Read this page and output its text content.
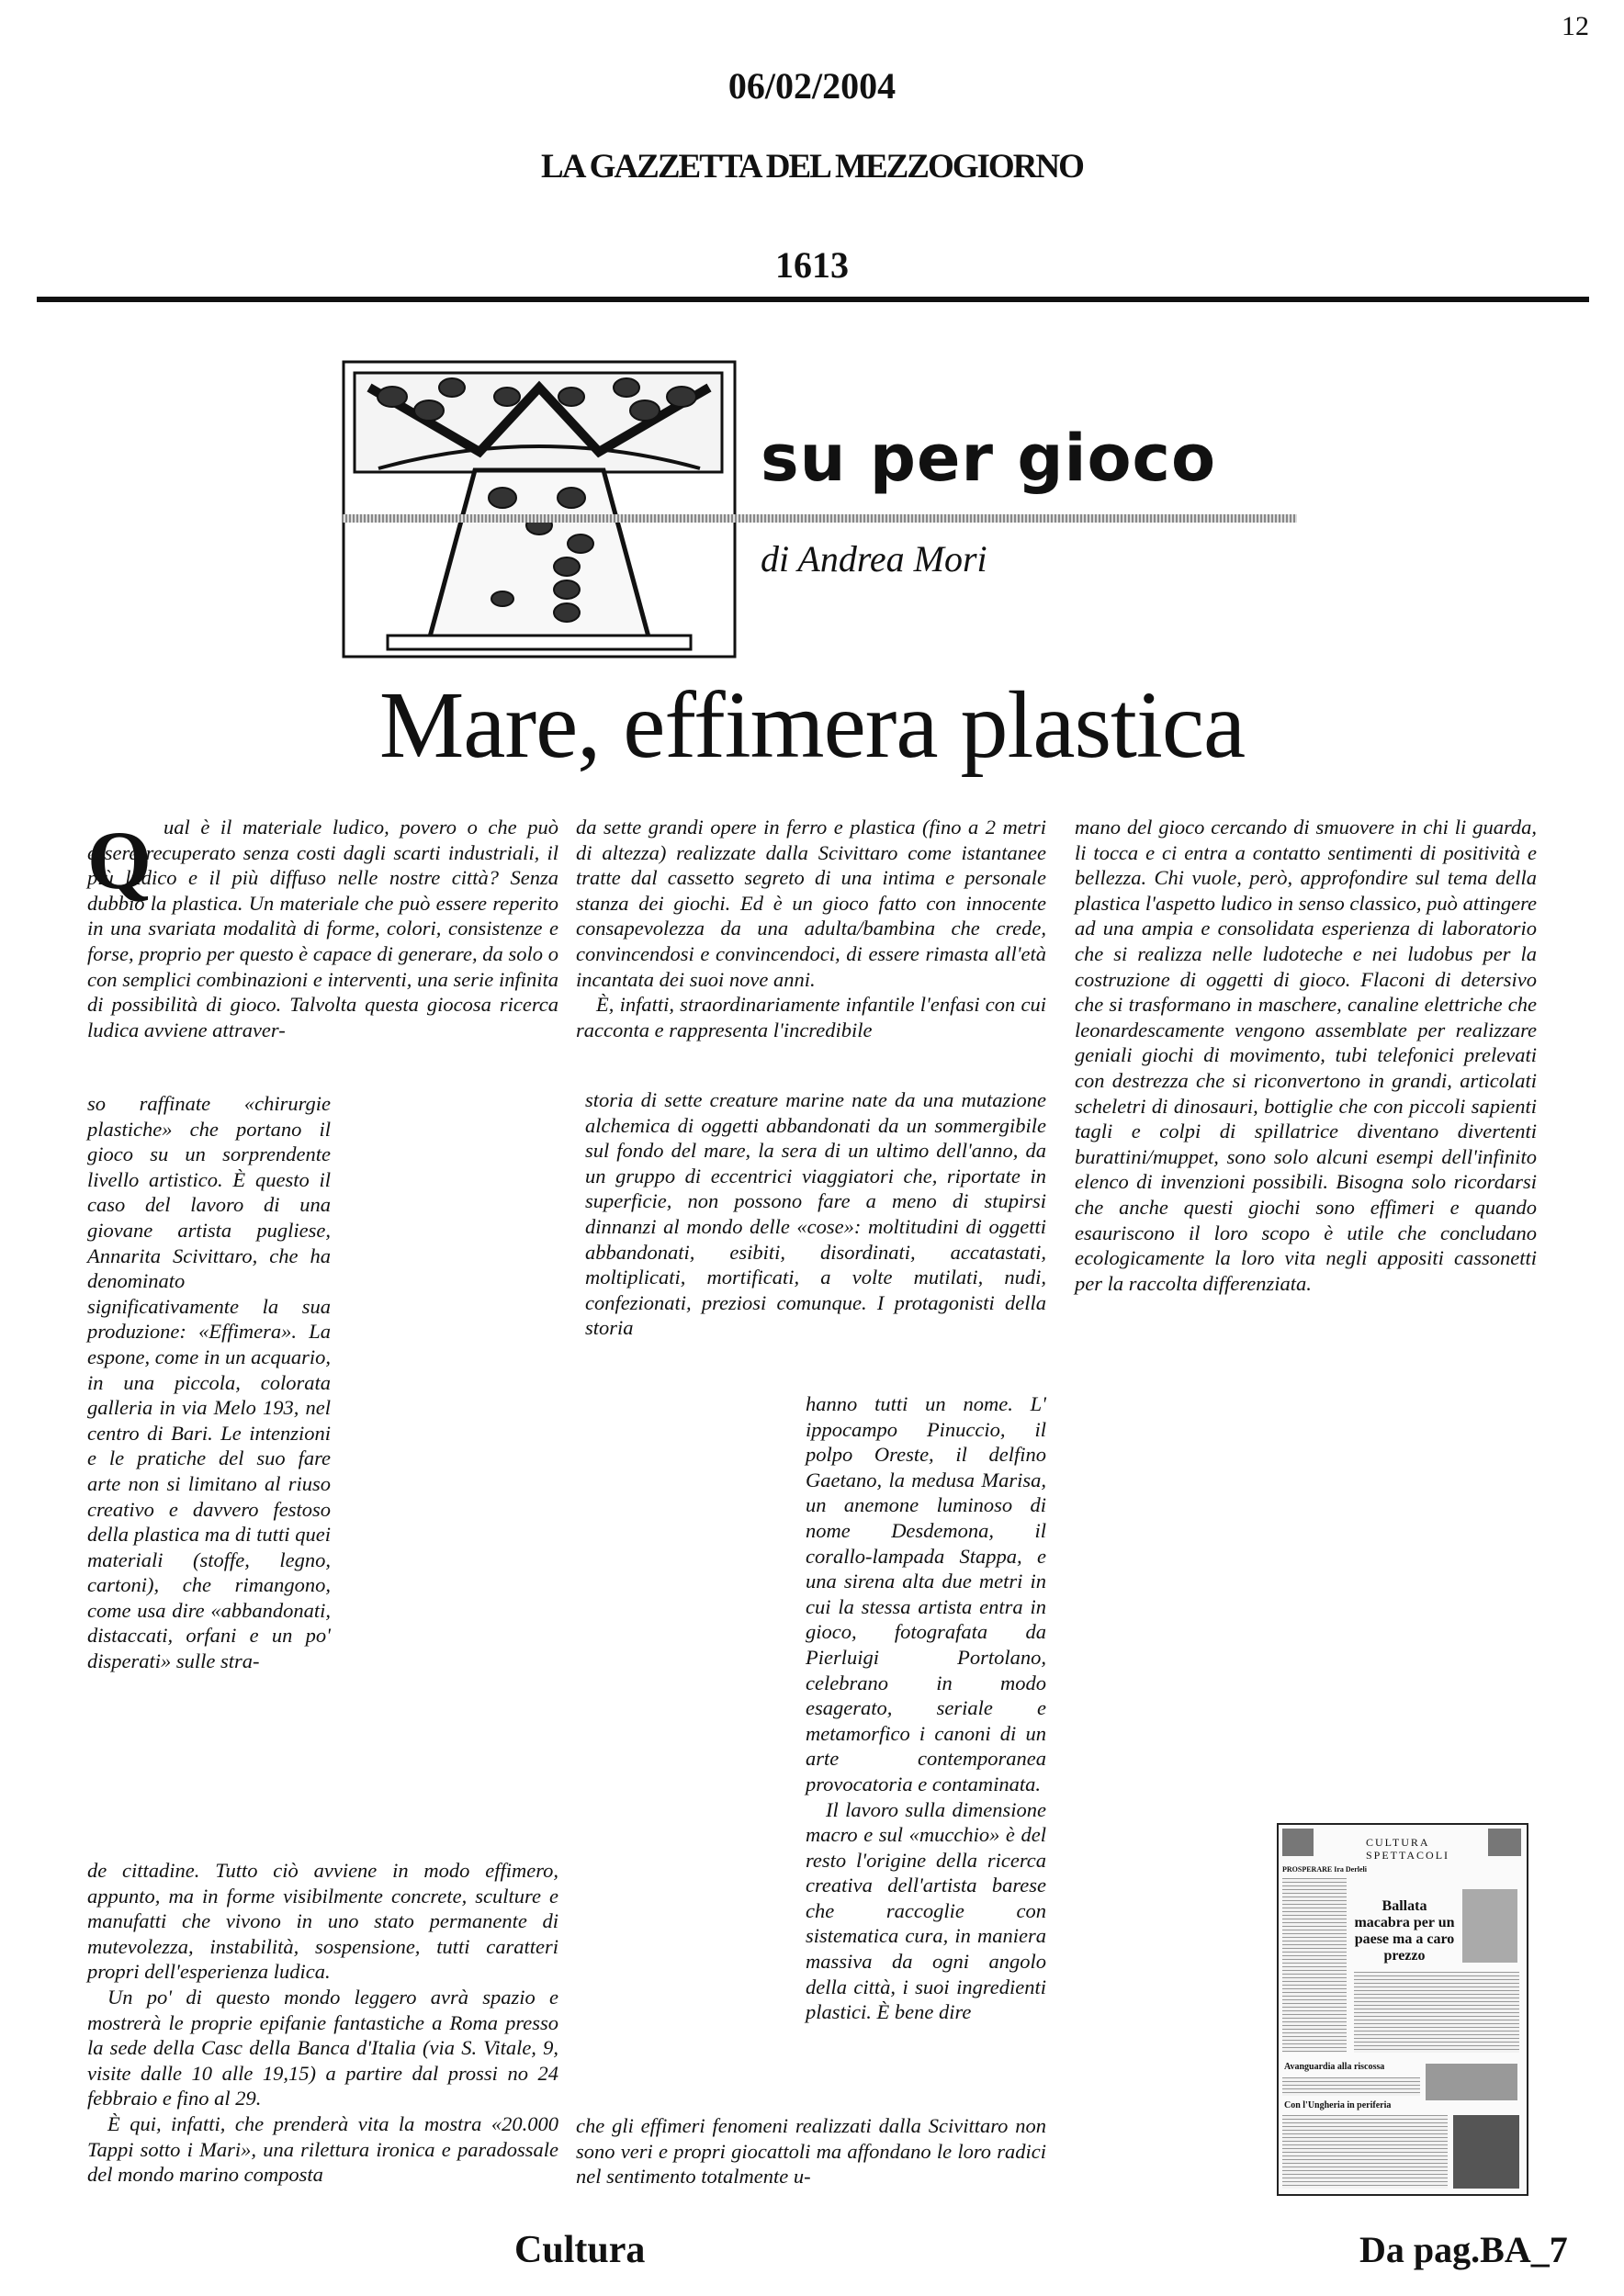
12
06/02/2004
LA GAZZETTA DEL MEZZOGIORNO
1613
su per gioco
di Andrea Mori
Mare, effimera plastica
Q ual è il materiale ludico, povero o che può essere recuperato senza costi dagli scarti industriali, il più ludico e il più diffuso nelle nostre città? Senza dubbio la plastica. Un materiale che può essere reperito in una svariata modalità di forme, colori, consistenze e forse, proprio per questo è capace di generare, da solo o con semplici combinazioni e interventi, una serie infinita di possibilità di gioco. Talvolta questa giocosa ricerca ludica avviene attraver-

so raffinate «chirurgie plastiche» che portano il gioco su un sorprendente livello artistico. È questo il caso del lavoro di una giovane artista pugliese, Annarita Scivittaro, che ha denominato significativamente la sua produzione: «Effimera». La espone, come in un acquario, in una piccola, colorata galleria in via Melo 193, nel centro di Bari. Le intenzioni e le pratiche del suo fare arte non si limitano al riuso creativo e davvero festoso della plastica ma di tutti quei materiali (stoffe, legno, cartoni), che rimangono, come usa dire «abbandonati, distaccati, orfani e un po' disperati» sulle stra-

de cittadine. Tutto ciò avviene in modo effimero, appunto, ma in forme visibilmente concrete, sculture e manufatti che vivono in uno stato permanente di mutevolezza, instabilità, sospensione, tutti caratteri propri dell'esperienza ludica.

Un po' di questo mondo leggero avrà spazio e mostrerà le proprie epifanie fantastiche a Roma presso la sede della Casc della Banca d'Italia (via S. Vitale, 9, visite dalle 10 alle 19,15) a partire dal prossi no 24 febbraio e fino al 29.

È qui, infatti, che prenderà vita la mostra «20.000 Tappi sotto i Mari», una rilettura ironica e paradossale del mondo marino composta

da sette grandi opere in ferro e plastica (fino a 2 metri di altezza) realizzate dalla Scivittaro come istantanee tratte dal cassetto segreto di una intima e personale stanza dei giochi. Ed è un gioco fatto con innocente consapevolezza da una adulta/bambina che crede, convincendosi e convincendoci, di essere rimasta all'età incantata dei suoi nove anni.

È, infatti, straordinariamente infantile l'enfasi con cui racconta e rappresenta l'incredibile

storia di sette creature marine nate da una mutazione alchemica di oggetti abbandonati da un sommergibile sul fondo del mare, la sera di un ultimo dell'anno, da un gruppo di eccentrici viaggiatori che, riportate in superficie, non possono fare a meno di stupirsi dinnanzi al mondo delle «cose»: moltitudini di oggetti abbandonati, esibiti, disordinati, accatastati, moltiplicati, mortificati, a volte mutilati, nudi, confezionati, preziosi comunque. I protagonisti della storia

hanno tutti un nome. L' ippocampo Pinuccio, il polpo Oreste, il delfino Gaetano, la medusa Marisa, un anemone luminoso di nome Desdemona, il corallo-lampada Stappa, e una sirena alta due metri in cui la stessa artista entra in gioco, fotografata da Pierluigi Portolano, celebrano in modo esagerato, seriale e metamorfico i canoni di un arte contemporanea provocatoria e contaminata.

Il lavoro sulla dimensione macro e sul «mucchio» è del resto l'origine della ricerca creativa dell'artista barese che raccoglie con sistematica cura, in maniera massiva da ogni angolo della città, i suoi ingredienti plastici. È bene dire

che gli effimeri fenomeni realizzati dalla Scivittaro non sono veri e propri giocattoli ma affondano le loro radici nel sentimento totalmente u-

mano del gioco cercando di smuovere in chi li guarda, li tocca e ci entra a contatto sentimenti di positività e bellezza. Chi vuole, però, approfondire sul tema della plastica l'aspetto ludico in senso classico, può attingere ad una ampia e consolidata esperienza di laboratorio che si realizza nelle ludoteche e nei ludobus per la costruzione di oggetti di gioco. Flaconi di detersivo che si trasformano in maschere, canaline elettriche che leonardescamente vengono assemblate per realizzare geniali giochi di movimento, tubi telefonici prelevati con destrezza che si riconvertono in grandi, articolati scheletri di dinosauri, bottiglie che con piccoli sapienti tagli e colpi di spillatrice diventano divertenti burattini/muppet, sono solo alcuni esempi dell'infinito elenco di invenzioni possibili. Bisogna solo ricordarsi che anche questi giochi sono effimeri e quando esauriscono il loro scopo è utile che concludano ecologicamente la loro vita negli appositi cassonetti per la raccolta differenziata.

CULTURA
SPETTACOLI
PROSPERARE Ira Derleli
Ballata macabra per un paese ma a caro prezzo
Avanguardia alla riscossa
Con l'Ungheria in periferia
Cultura	Da pag.BA_7
